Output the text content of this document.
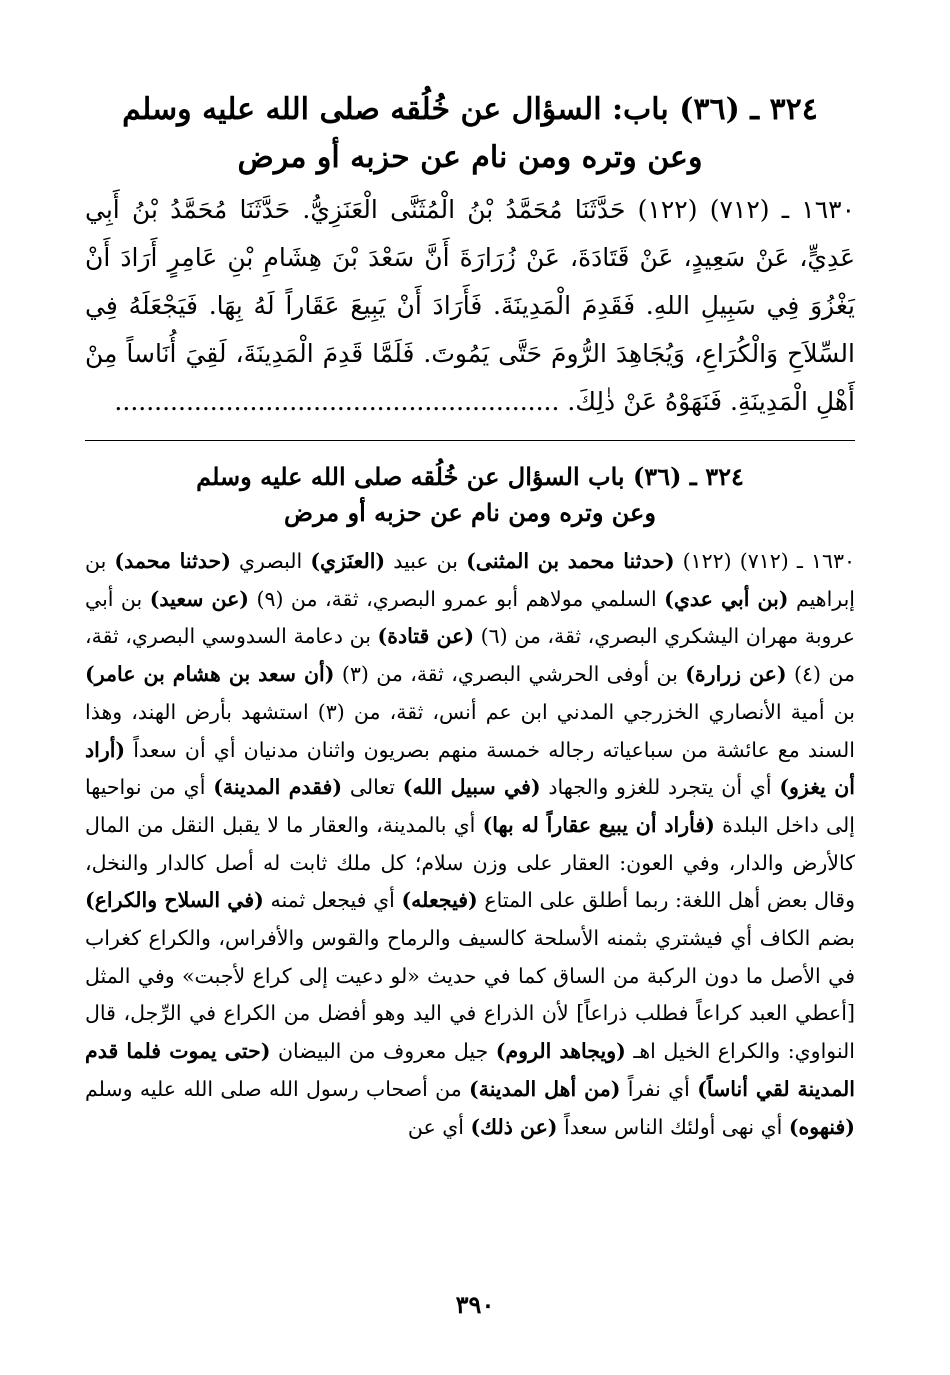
٣٢٤ ـ (٣٦) باب: السؤال عن خُلُقه صلى الله عليه وسلم
وعن وتره ومن نام عن حزبه أو مرض

١٦٣٠ ـ (٧١٢) (١٢٢) حَدَّثَنَا مُحَمَّدُ بْنُ الْمُثَنَّى الْعَنَزِيُّ. حَدَّثَنَا مُحَمَّدُ بْنُ أَبِي عَدِيٍّ، عَنْ سَعِيدٍ، عَنْ قَتَادَةَ، عَنْ زُرَارَةَ أَنَّ سَعْدَ بْنَ هِشَامِ بْنِ عَامِرٍ أَرَادَ أَنْ يَغْزُوَ فِي سَبِيلِ اللهِ. فَقَدِمَ الْمَدِينَةَ. فَأَرَادَ أَنْ يَبِيعَ عَقَاراً لَهُ بِهَا. فَيَجْعَلَهُ فِي السِّلاَحِ وَالْكُرَاعِ، وَيُجَاهِدَ الرُّومَ حَتَّى يَمُوتَ. فَلَمَّا قَدِمَ الْمَدِينَةَ، لَقِيَ أُنَاساً مِنْ أَهْلِ الْمَدِينَةِ. فَنَهَوْهُ عَنْ ذٰلِكَ. ........................................................

٣٢٤ ـ (٣٦) باب السؤال عن خُلُقه صلى الله عليه وسلم
وعن وتره ومن نام عن حزبه أو مرض

١٦٣٠ ـ (٧١٢) (١٢٢) (حدثنا محمد بن المثنى) بن عبيد (العنَزي) البصري (حدثنا محمد) بن إبراهيم (بن أبي عدي) السلمي مولاهم أبو عمرو البصري، ثقة، من (٩) (عن سعيد) بن أبي عروبة مهران اليشكري البصري، ثقة، من (٦) (عن قتادة) بن دعامة السدوسي البصري، ثقة، من (٤) (عن زرارة) بن أوفى الحرشي البصري، ثقة، من (٣) (أن سعد بن هشام بن عامر) بن أمية الأنصاري الخزرجي المدني ابن عم أنس، ثقة، من (٣) استشهد بأرض الهند، وهذا السند مع عائشة من سباعياته رجاله خمسة منهم بصريون واثنان مدنيان أي أن سعداً (أراد أن يغزو) أي أن يتجرد للغزو والجهاد (في سبيل الله) تعالى (فقدم المدينة) أي من نواحيها إلى داخل البلدة (فأراد أن يبيع عقاراً له بها) أي بالمدينة، والعقار ما لا يقبل النقل من المال كالأرض والدار، وفي العون: العقار على وزن سلام؛ كل ملك ثابت له أصل كالدار والنخل، وقال بعض أهل اللغة: ربما أطلق على المتاع (فيجعله) أي فيجعل ثمنه (في السلاح والكراع) بضم الكاف أي فيشتري بثمنه الأسلحة كالسيف والرماح والقوس والأفراس، والكراع كغراب في الأصل ما دون الركبة من الساق كما في حديث «لو دعيت إلى كراع لأجبت» وفي المثل [أعطي العبد كراعاً فطلب ذراعاً] لأن الذراع في اليد وهو أفضل من الكراع في الرِّجل، قال النواوي: والكراع الخيل اهـ (ويجاهد الروم) جيل معروف من البيضان (حتى يموت فلما قدم المدينة لقي أناساً) أي نفراً (من أهل المدينة) من أصحاب رسول الله صلى الله عليه وسلم (فنهوه) أي نهى أولئك الناس سعداً (عن ذلك) أي عن

٣٩٠
